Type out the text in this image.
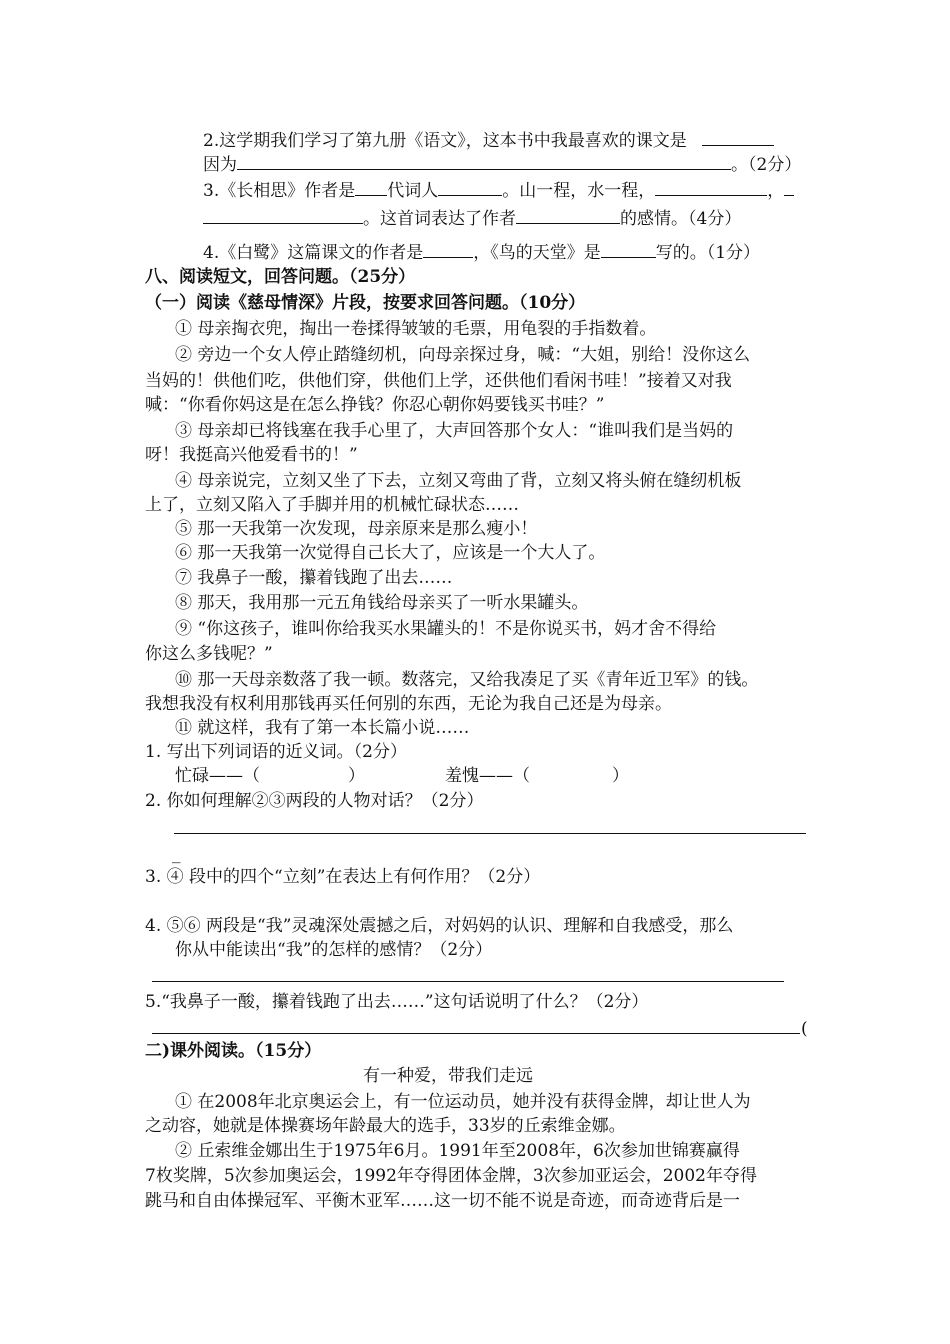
2.这学期我们学习了第九册《语文》，这本书中我最喜欢的课文是
因为	。（2分）
3.《长相思》作者是 代词人	。山一程，水一程，	，
。这首词表达了作者	的感情。（4分）
4.《白鹭》这篇课文的作者是	，《鸟的天堂》是	写的。（1分）
八、阅读短文，回答问题。（25分）
（一）阅读《慈母情深》片段，按要求回答问题。（10分）
① 母亲掏衣兜，掏出一卷揉得皱皱的毛票，用龟裂的手指数着。
② 旁边一个女人停止踏缝纫机，向母亲探过身，喊：“大姐，别给！没你这么
当妈的！供他们吃，供他们穿，供他们上学，还供他们看闲书哇！”接着又对我
喊：“你看你妈这是在怎么挣钱？你忍心朝你妈要钱买书哇？”
③ 母亲却已将钱塞在我手心里了，大声回答那个女人：“谁叫我们是当妈的
呀！我挺高兴他爱看书的！”
④ 母亲说完，立刻又坐了下去，立刻又弯曲了背，立刻又将头俯在缝纫机板
上了，立刻又陷入了手脚并用的机械忙碌状态……
⑤ 那一天我第一次发现，母亲原来是那么瘦小！
⑥ 那一天我第一次觉得自己长大了，应该是一个大人了。
⑦ 我鼻子一酸，攥着钱跑了出去……
⑧ 那天，我用那一元五角钱给母亲买了一听水果罐头。
⑨ “你这孩子，谁叫你给我买水果罐头的！不是你说买书，妈才舍不得给
你这么多钱呢？”
⑩ 那一天母亲数落了我一顿。数落完，又给我凑足了买《青年近卫军》的钱。
我想我没有权利用那钱再买任何别的东西，无论为我自己还是为母亲。
⑪ 就这样，我有了第一本长篇小说……
1. 写出下列词语的近义词。（2分）
忙碌——（	）	羞愧——（	）
2. 你如何理解②③两段的人物对话？（2分）
_
3. ④ 段中的四个“立刻”在表达上有何作用？（2分）
4. ⑤⑥ 两段是“我”灵魂深处震撼之后，对妈妈的认识、理解和自我感受，那么
你从中能读出“我”的怎样的感情？（2分）
5.“我鼻子一酸，攥着钱跑了出去……”这句话说明了什么？（2分）
(
二)课外阅读。（15分）
有一种爱，带我们走远
① 在2008年北京奥运会上，有一位运动员，她并没有获得金牌，却让世人为
之动容，她就是体操赛场年龄最大的选手，33岁的丘索维金娜。
② 丘索维金娜出生于1975年6月。1991年至2008年，6次参加世锦赛赢得
7枚奖牌，5次参加奥运会，1992年夺得团体金牌，3次参加亚运会，2002年夺得
跳马和自由体操冠军、平衡木亚军……这一切不能不说是奇迹，而奇迹背后是一
